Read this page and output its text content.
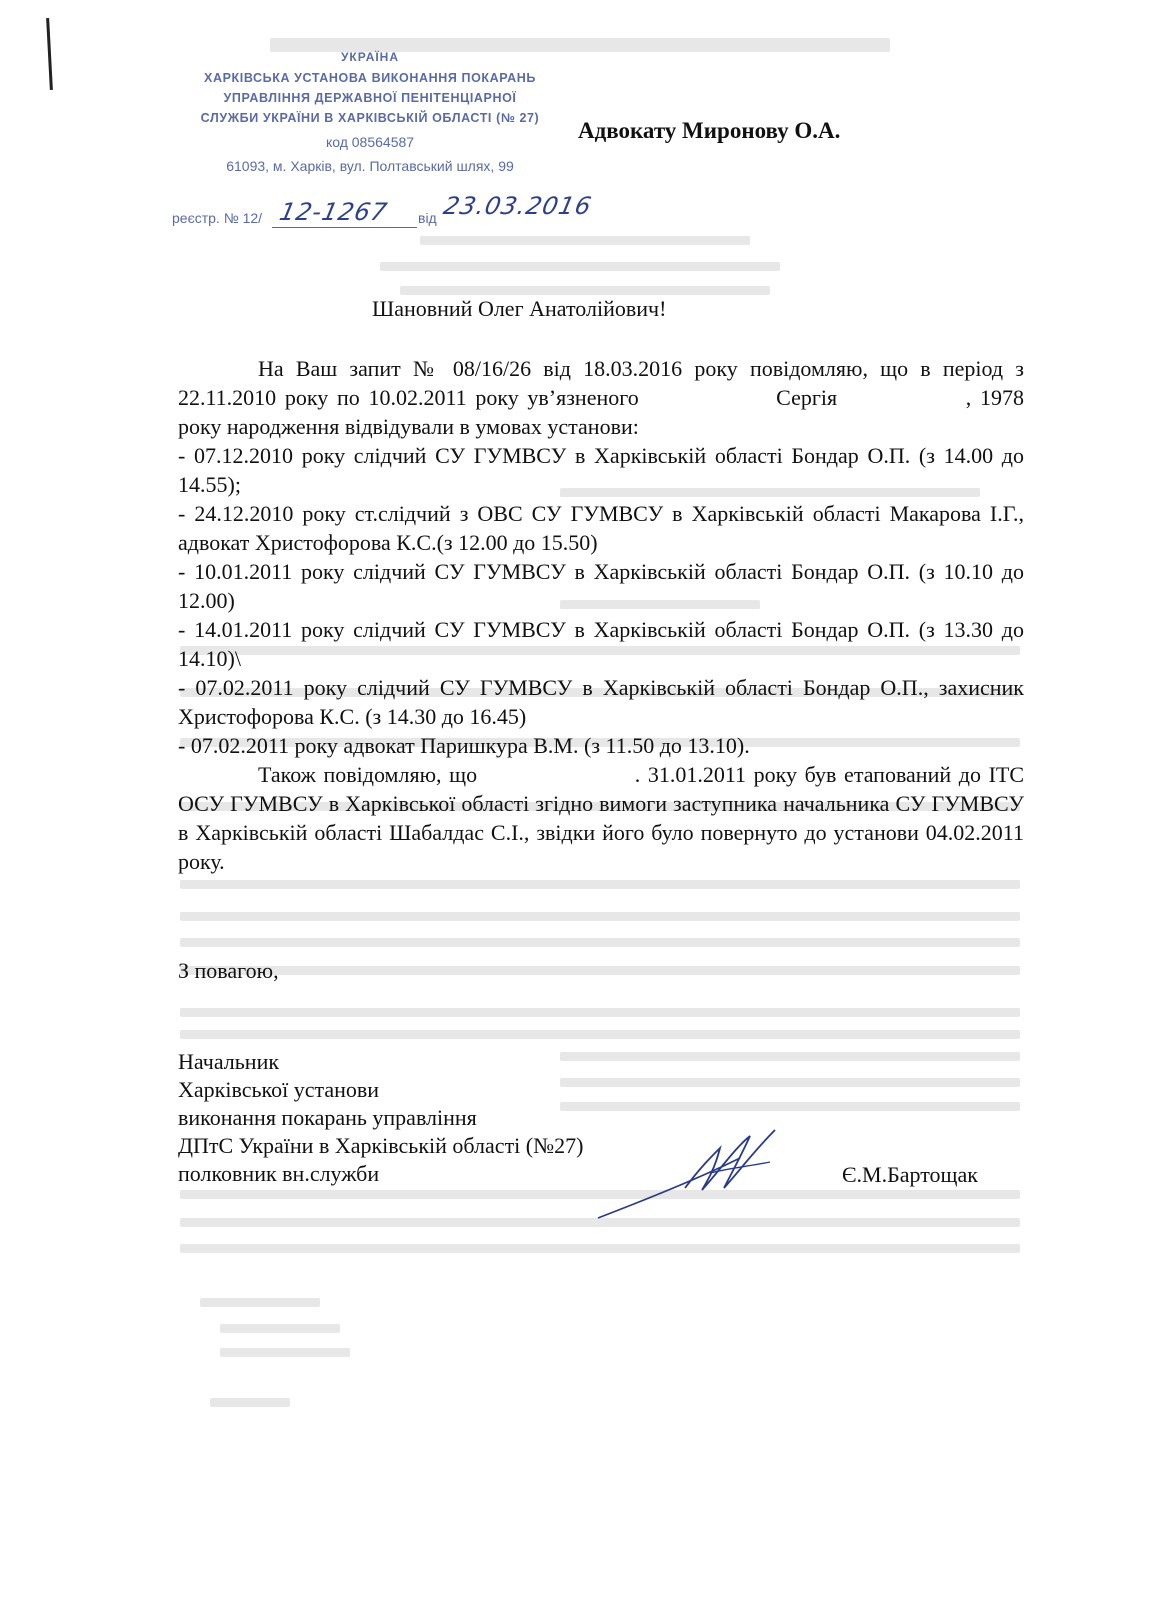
УКРАЇНА
ХАРКІВСЬКА УСТАНОВА ВИКОНАННЯ ПОКАРАНЬ
УПРАВЛІННЯ ДЕРЖАВНОЇ ПЕНІТЕНЦІАРНОЇ
СЛУЖБИ УКРАЇНИ В ХАРКІВСЬКІЙ ОБЛАСТІ (№ 27)
код 08564587
61093, м. Харків, вул. Полтавський шлях, 99
реєстр. № 12/ 12-1267	від 23.03.2016
Адвокату Миронову О.А.
Шановний Олег Анатолійович!

На Ваш запит № 08/16/26 від 18.03.2016 року повідомляю, що в період з 22.11.2010 року по 10.02.2011 року ув’язненого	Сергія	, 1978 року народження відвідували в умовах установи:

- 07.12.2010 року слідчий СУ ГУМВСУ в Харківській області Бондар О.П. (з 14.00 до 14.55);

- 24.12.2010 року ст.слідчий з ОВС СУ ГУМВСУ в Харківській області Макарова І.Г., адвокат Христофорова К.С.(з 12.00 до 15.50)

- 10.01.2011 року слідчий СУ ГУМВСУ в Харківській області Бондар О.П. (з 10.10 до 12.00)

- 14.01.2011 року слідчий СУ ГУМВСУ в Харківській області Бондар О.П. (з 13.30 до 14.10)\

- 07.02.2011 року слідчий СУ ГУМВСУ в Харківській області Бондар О.П., захисник Христофорова К.С. (з 14.30 до 16.45)

- 07.02.2011 року адвокат Паришкура В.М. (з 11.50 до 13.10).

Також повідомляю, що	. 31.01.2011 року був етапований до ІТС ОСУ ГУМВСУ в Харківської області згідно вимоги заступника начальника СУ ГУМВСУ в Харківській області Шабалдас С.І., звідки його було повернуто до установи 04.02.2011 року.

З повагою,
Начальник
Харківської установи
виконання покарань управління
ДПтС України в Харківській області (№27)
полковник вн.служби	Є.М.Бартощак
